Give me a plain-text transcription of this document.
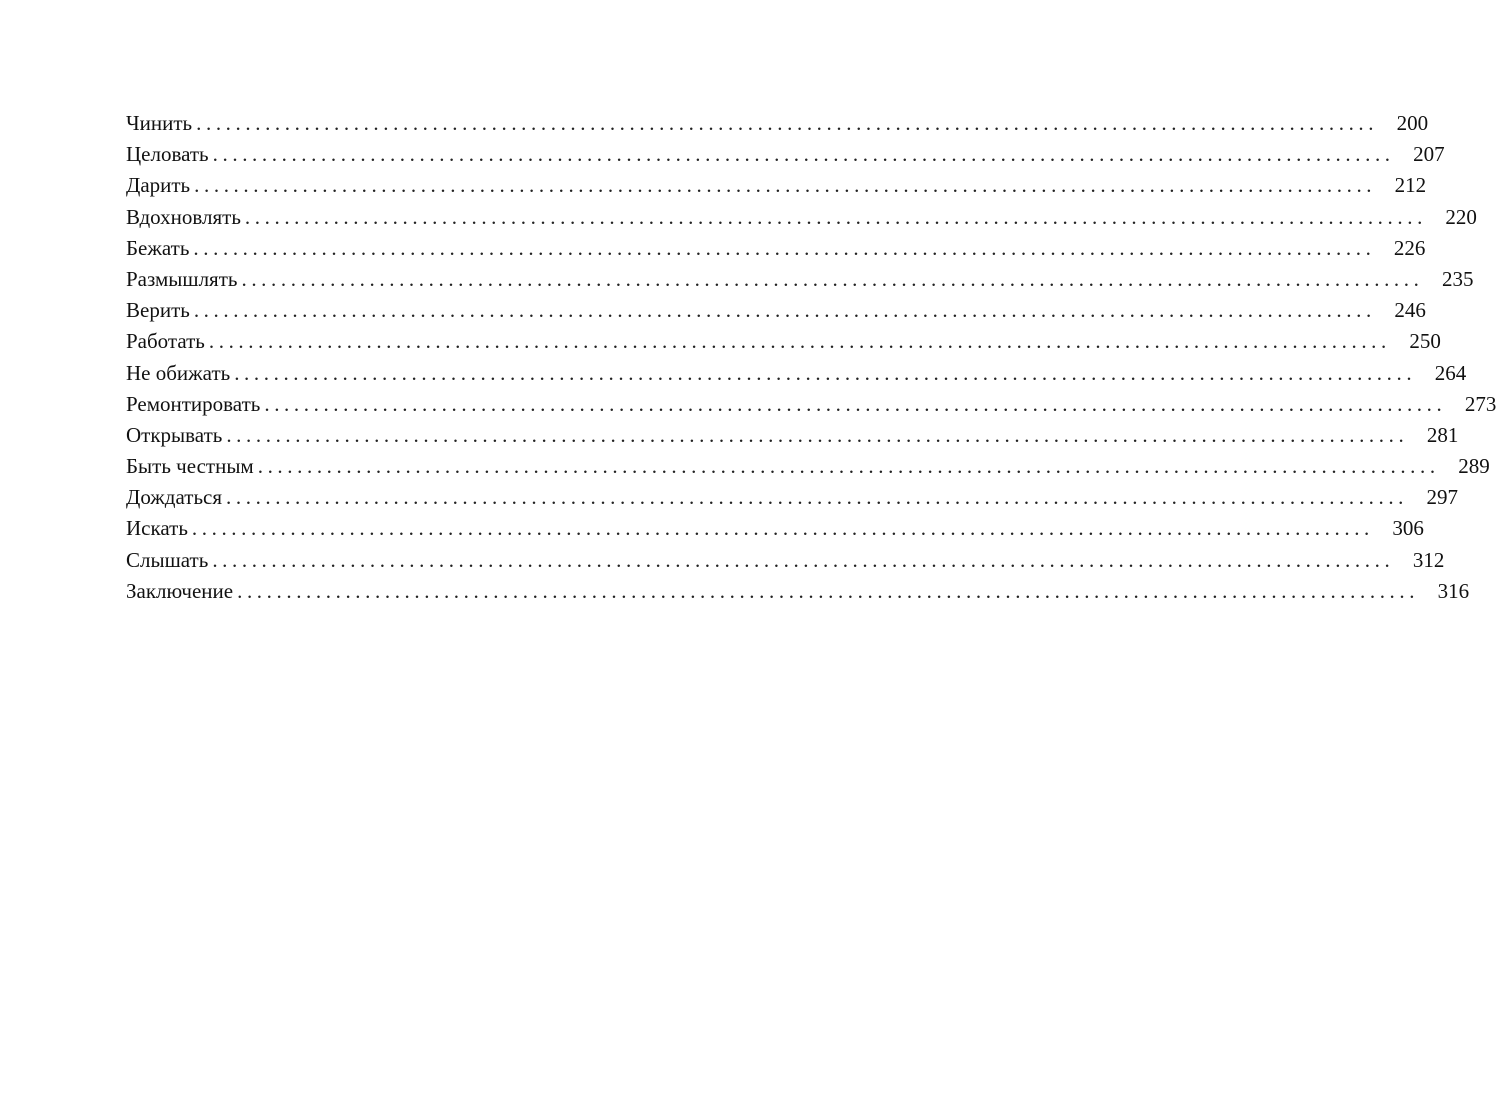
Чинить ........................................................................................................................ 200
Целовать ........................................................................................................................ 207
Дарить ........................................................................................................................ 212
Вдохновлять ........................................................................................................................ 220
Бежать ........................................................................................................................ 226
Размышлять ........................................................................................................................ 235
Верить ........................................................................................................................ 246
Работать ........................................................................................................................ 250
Не обижать ........................................................................................................................ 264
Ремонтировать ........................................................................................................................ 273
Открывать ........................................................................................................................ 281
Быть честным ........................................................................................................................ 289
Дождаться ........................................................................................................................ 297
Искать ........................................................................................................................ 306
Слышать ........................................................................................................................ 312
Заключение ........................................................................................................................ 316
